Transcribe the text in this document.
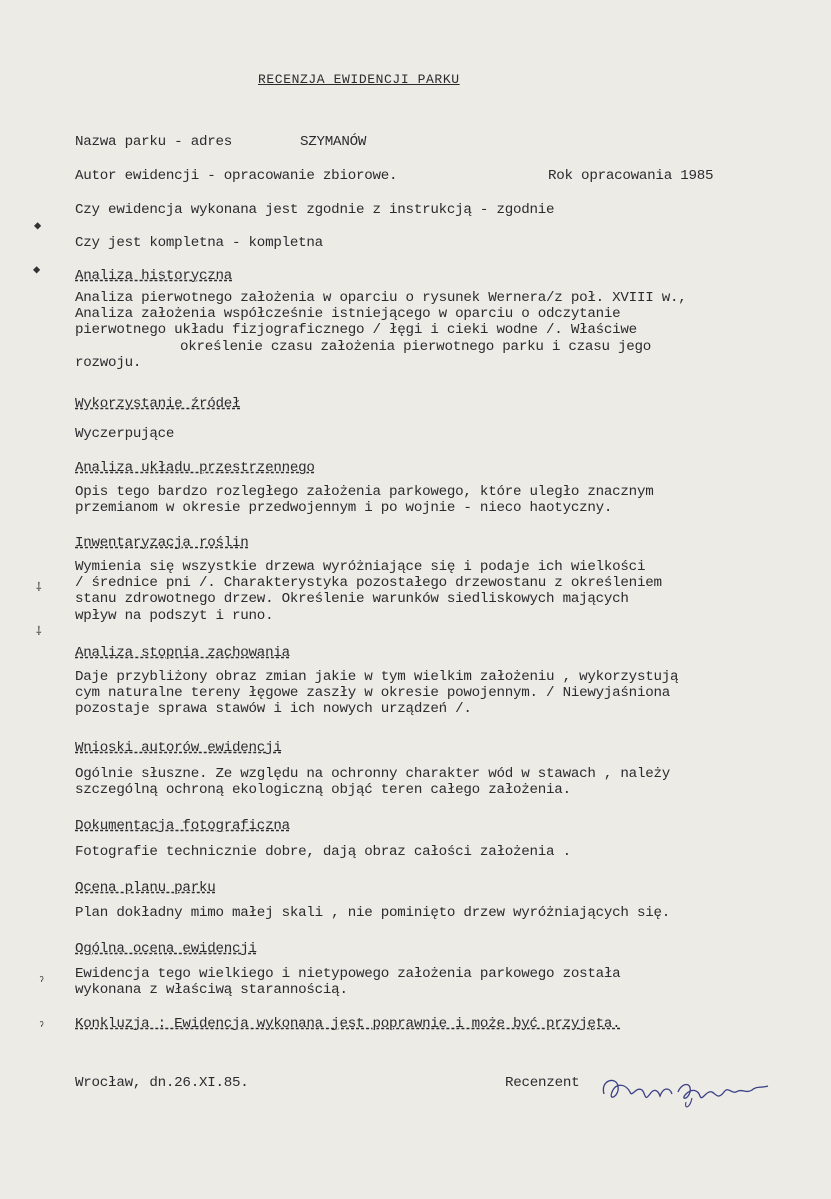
RECENZJA EWIDENCJI PARKU
Nazwa parku - adres	SZYMANÓW
Autor ewidencji - opracowanie zbiorowe.	Rok opracowania 1985
Czy ewidencja wykonana jest zgodnie z instrukcją - zgodnie
Czy jest kompletna - kompletna
Analiza historyczna
Analiza pierwotnego założenia w oparciu o rysunek Wernera/z poł. XVIII w.,
Analiza założenia współcześnie istniejącego w oparciu o odczytanie
pierwotnego układu fizjograficznego / łęgi i cieki wodne /. Właściwe
określenie czasu założenia pierwotnego parku i czasu jego
rozwoju.
Wykorzystanie źródeł
Wyczerpujące
Analiza układu przestrzennego
Opis tego bardzo rozległego założenia parkowego, które uległo znacznym
przemianom w okresie przedwojennym i po wojnie - nieco haotyczny.
Inwentaryzacja roślin
Wymienia się wszystkie drzewa wyróżniające się i podaje ich wielkości
/ średnice pni /. Charakterystyka pozostałego drzewostanu z określeniem
stanu zdrowotnego drzew. Określenie warunków siedliskowych mających
wpływ na podszyt i runo.
Analiza stopnia zachowania
Daje przybliżony obraz zmian jakie w tym wielkim założeniu , wykorzystują
cym naturalne tereny łęgowe zaszły w okresie powojennym. / Niewyjaśniona
pozostaje sprawa stawów i ich nowych urządzeń /.
Wnioski autorów ewidencji
Ogólnie słuszne. Ze względu na ochronny charakter wód w stawach , należy
szczególną ochroną ekologiczną objąć teren całego założenia.
Dokumentacja fotograficzna
Fotografie technicznie dobre, dają obraz całości założenia .
Ocena planu parku
Plan dokładny mimo małej skali , nie pominięto drzew wyróżniających się.
Ogólna ocena ewidencji
Ewidencja tego wielkiego i nietypowego założenia parkowego została
wykonana z właściwą starannością.
Konkluzja : Ewidencja wykonana jest poprawnie i może być przyjęta.
Wrocław, dn.26.XI.85.	Recenzent
◆
◆
⸸
⸸
ˀ
ˀ
